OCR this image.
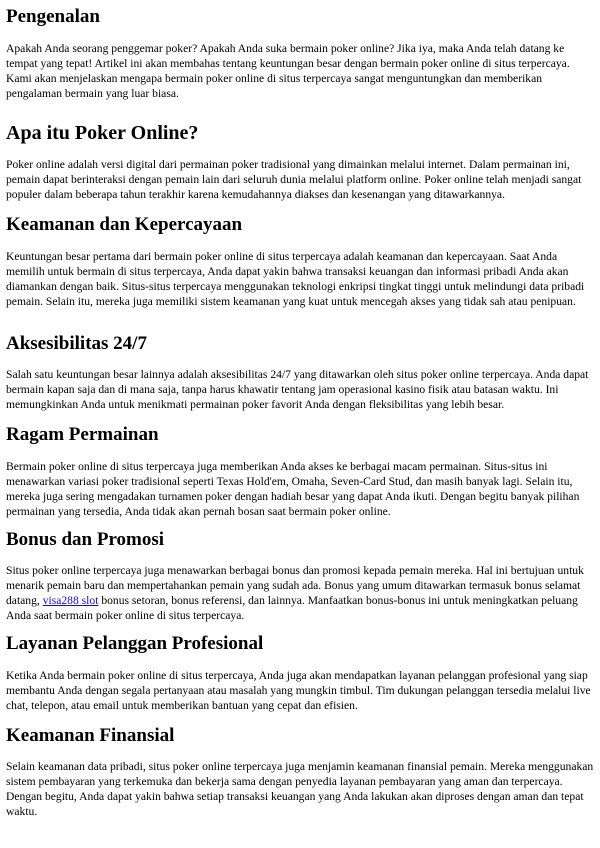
Pengenalan

Apakah Anda seorang penggemar poker? Apakah Anda suka bermain poker online? Jika iya, maka Anda telah datang ke tempat yang tepat! Artikel ini akan membahas tentang keuntungan besar dengan bermain poker online di situs terpercaya. Kami akan menjelaskan mengapa bermain poker online di situs terpercaya sangat menguntungkan dan memberikan pengalaman bermain yang luar biasa.

Apa itu Poker Online?

Poker online adalah versi digital dari permainan poker tradisional yang dimainkan melalui internet. Dalam permainan ini, pemain dapat berinteraksi dengan pemain lain dari seluruh dunia melalui platform online. Poker online telah menjadi sangat populer dalam beberapa tahun terakhir karena kemudahannya diakses dan kesenangan yang ditawarkannya.

Keamanan dan Kepercayaan

Keuntungan besar pertama dari bermain poker online di situs terpercaya adalah keamanan dan kepercayaan. Saat Anda memilih untuk bermain di situs terpercaya, Anda dapat yakin bahwa transaksi keuangan dan informasi pribadi Anda akan diamankan dengan baik. Situs-situs terpercaya menggunakan teknologi enkripsi tingkat tinggi untuk melindungi data pribadi pemain. Selain itu, mereka juga memiliki sistem keamanan yang kuat untuk mencegah akses yang tidak sah atau penipuan.

Aksesibilitas 24/7

Salah satu keuntungan besar lainnya adalah aksesibilitas 24/7 yang ditawarkan oleh situs poker online terpercaya. Anda dapat bermain kapan saja dan di mana saja, tanpa harus khawatir tentang jam operasional kasino fisik atau batasan waktu. Ini memungkinkan Anda untuk menikmati permainan poker favorit Anda dengan fleksibilitas yang lebih besar.

Ragam Permainan

Bermain poker online di situs terpercaya juga memberikan Anda akses ke berbagai macam permainan. Situs-situs ini menawarkan variasi poker tradisional seperti Texas Hold'em, Omaha, Seven-Card Stud, dan masih banyak lagi. Selain itu, mereka juga sering mengadakan turnamen poker dengan hadiah besar yang dapat Anda ikuti. Dengan begitu banyak pilihan permainan yang tersedia, Anda tidak akan pernah bosan saat bermain poker online.

Bonus dan Promosi

Situs poker online terpercaya juga menawarkan berbagai bonus dan promosi kepada pemain mereka. Hal ini bertujuan untuk menarik pemain baru dan mempertahankan pemain yang sudah ada. Bonus yang umum ditawarkan termasuk bonus selamat datang, visa288 slot bonus setoran, bonus referensi, dan lainnya. Manfaatkan bonus-bonus ini untuk meningkatkan peluang Anda saat bermain poker online di situs terpercaya.

Layanan Pelanggan Profesional

Ketika Anda bermain poker online di situs terpercaya, Anda juga akan mendapatkan layanan pelanggan profesional yang siap membantu Anda dengan segala pertanyaan atau masalah yang mungkin timbul. Tim dukungan pelanggan tersedia melalui live chat, telepon, atau email untuk memberikan bantuan yang cepat dan efisien.

Keamanan Finansial

Selain keamanan data pribadi, situs poker online terpercaya juga menjamin keamanan finansial pemain. Mereka menggunakan sistem pembayaran yang terkemuka dan bekerja sama dengan penyedia layanan pembayaran yang aman dan terpercaya. Dengan begitu, Anda dapat yakin bahwa setiap transaksi keuangan yang Anda lakukan akan diproses dengan aman dan tepat waktu.
